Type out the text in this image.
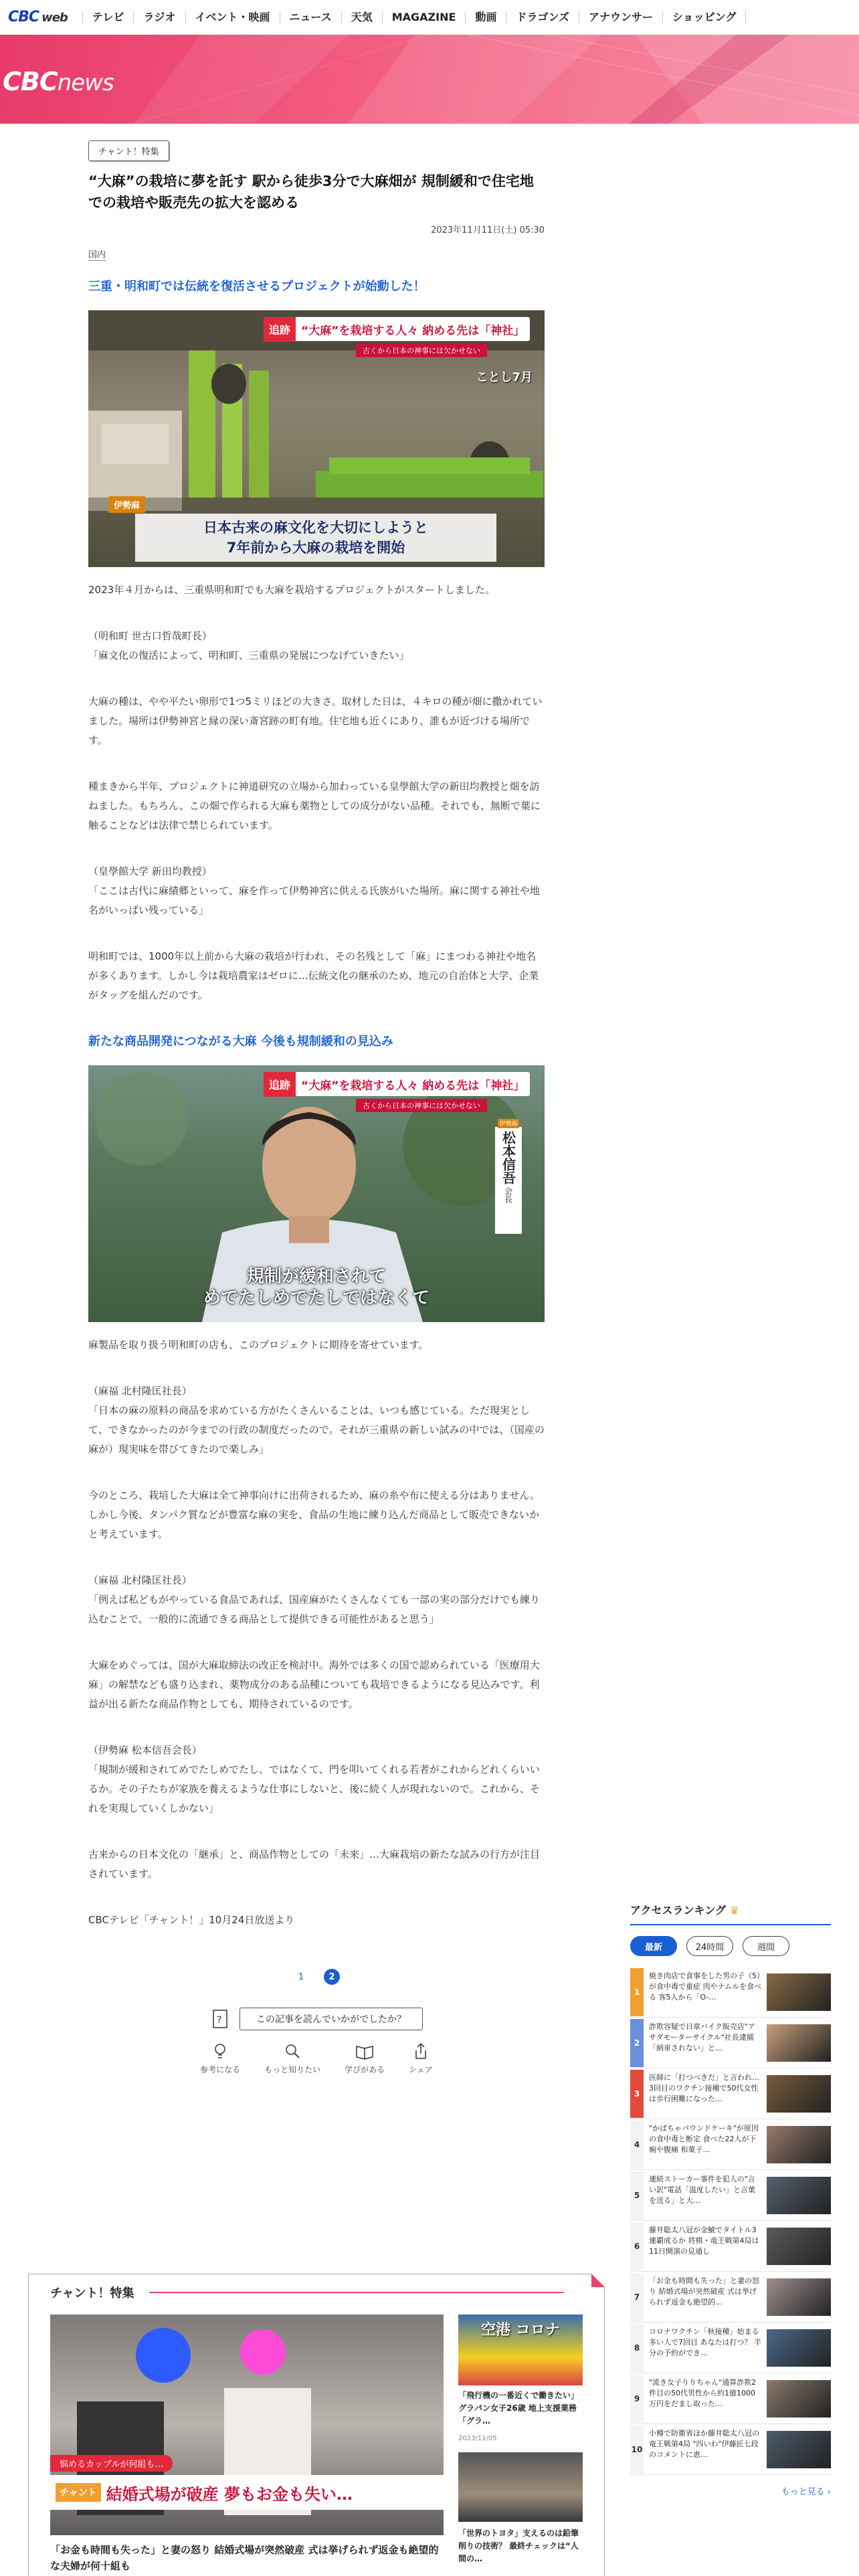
CBC web	テレビ	ラジオ	イベント・映画	ニュース	天気	MAGAZINE	動画	ドラゴンズ	アナウンサー	ショッピング
CBCnews
チャント！特集
“大麻”の栽培に夢を託す 駅から徒歩3分で大麻畑が 規制緩和で住宅地での栽培や販売先の拡大を認める
2023年11月11日(土) 05:30
国内
三重・明和町では伝統を復活させるプロジェクトが始動した！
追跡 “大麻”を栽培する人々 納める先は「神社」
古くから日本の神事には欠かせない
ことし7月
伊勢麻
日本古来の麻文化を大切にしようと
7年前から大麻の栽培を開始

2023年４月からは、三重県明和町でも大麻を栽培するプロジェクトがスタートしました。

（明和町 世古口哲哉町長）

「麻文化の復活によって、明和町、三重県の発展につなげていきたい」

大麻の種は、やや平たい卵形で1つ5ミリほどの大きさ。取材した日は、４キロの種が畑に撒かれていました。場所は伊勢神宮と縁の深い斎宮跡の町有地。住宅地も近くにあり、誰もが近づける場所です。

種まきから半年、プロジェクトに神道研究の立場から加わっている皇學館大学の新田均教授と畑を訪ねました。もちろん、この畑で作られる大麻も薬物としての成分がない品種。それでも、無断で葉に触ることなどは法律で禁じられています。

（皇學館大学 新田均教授）

「ここは古代に麻績郷といって、麻を作って伊勢神宮に供える氏族がいた場所。麻に関する神社や地名がいっぱい残っている」

明和町では、1000年以上前から大麻の栽培が行われ、その名残として「麻」にまつわる神社や地名が多くあります。しかし今は栽培農家はゼロに…伝統文化の継承のため、地元の自治体と大学、企業がタッグを組んだのです。

新たな商品開発につながる大麻 今後も規制緩和の見込み
追跡 “大麻”を栽培する人々 納める先は「神社」
古くから日本の神事には欠かせない
松本信吾
会長
伊勢麻
規制が緩和されて
めでたしめでたしではなくて

麻製品を取り扱う明和町の店も、このプロジェクトに期待を寄せています。

（麻福 北村隆匡社長）

「日本の麻の原料の商品を求めている方がたくさんいることは、いつも感じている。ただ現実として、できなかったのが今までの行政の制度だったので。それが三重県の新しい試みの中では、（国産の麻が）現実味を帯びてきたので楽しみ」

今のところ、栽培した大麻は全て神事向けに出荷されるため、麻の糸や布に使える分はありません。しかし今後、タンパク質などが豊富な麻の実を、食品の生地に練り込んだ商品として販売できないかと考えています。

（麻福 北村隆匡社長）

「例えば私どもがやっている食品であれば、国産麻がたくさんなくても一部の実の部分だけでも練り込むことで、一般的に流通できる商品として提供できる可能性があると思う」

大麻をめぐっては、国が大麻取締法の改正を検討中。海外では多くの国で認められている「医療用大麻」の解禁なども盛り込まれ、薬物成分のある品種についても栽培できるようになる見込みです。利益が出る新たな商品作物としても、期待されているのです。

（伊勢麻 松本信吾会長）

「規制が緩和されてめでたしめでたし、ではなくて、門を叩いてくれる若者がこれからどれくらいいるか。その子たちが家族を養えるような仕事にしないと、後に続く人が現れないので。これから、それを実現していくしかない」

古来からの日本文化の「継承」と、商品作物としての「未来」…大麻栽培の新たな試みの行方が注目されています。

CBCテレビ「チャント！」10月24日放送より

1	2
?	この記事を読んでいかがでしたか？
参考になる	もっと知りたい	学びがある	シェア
チャント！特集
悩めるカップルが何組も…
チャント 結婚式場が破産 夢もお金も失い…
「お金も時間も失った」と妻の怒り 結婚式場が突然破産 式は挙げられず返金も絶望的な夫婦が何十組も
空港 コロナ
「飛行機の一番近くで働きたい」グラパン女子26歳 地上支援業務「グラ…
2023/11/05
「世界のトヨタ」支えるのは鉛筆削りの技術？ 最終チェックは“人間の…
アクセスランキング ♛
最新	24時間	週間
1
焼き肉店で食事をした男の子（5）が食中毒で重症 肉やナムルを食べる 客5人から「O-…
2
詐欺容疑で日章バイク販売店"アサダモーターサイクル"社長逮捕「納車されない」と…
3
医師に「打つべきだ」と言われ…3回目のワクチン接種で50代女性は歩行困難になった…
4
"かばちゃパウンドケーキ"が原因の食中毒と断定 食べた22人が下痢や腹痛 和菓子…
5
連続ストーカー事件を犯人の"言い訳"電話「温度したい」と言葉を送る」と大…
6
藤井聡太八冠が金鯱でタイトル3連覇成るか 将棋・竜王戦第4局は11日開演の見通し
7
「お金も時間も失った」と妻の怒り 結婚式場が突然破産 式は挙げられず返金も絶望的…
8
コロナワクチン「秋接種」始まる 多い人で7回目 あなたは打つ？ 半分の予約ができ…
9
"流き女子りりちゃん"通算詐欺2件目の50代男性から約1億1000万円をだまし取った…
10
小樽で防衛省ほか藤井聡太八冠の竜王戦第4局 "四いわ"伊藤匠七段のコメントに恵…
もっと見る ›
